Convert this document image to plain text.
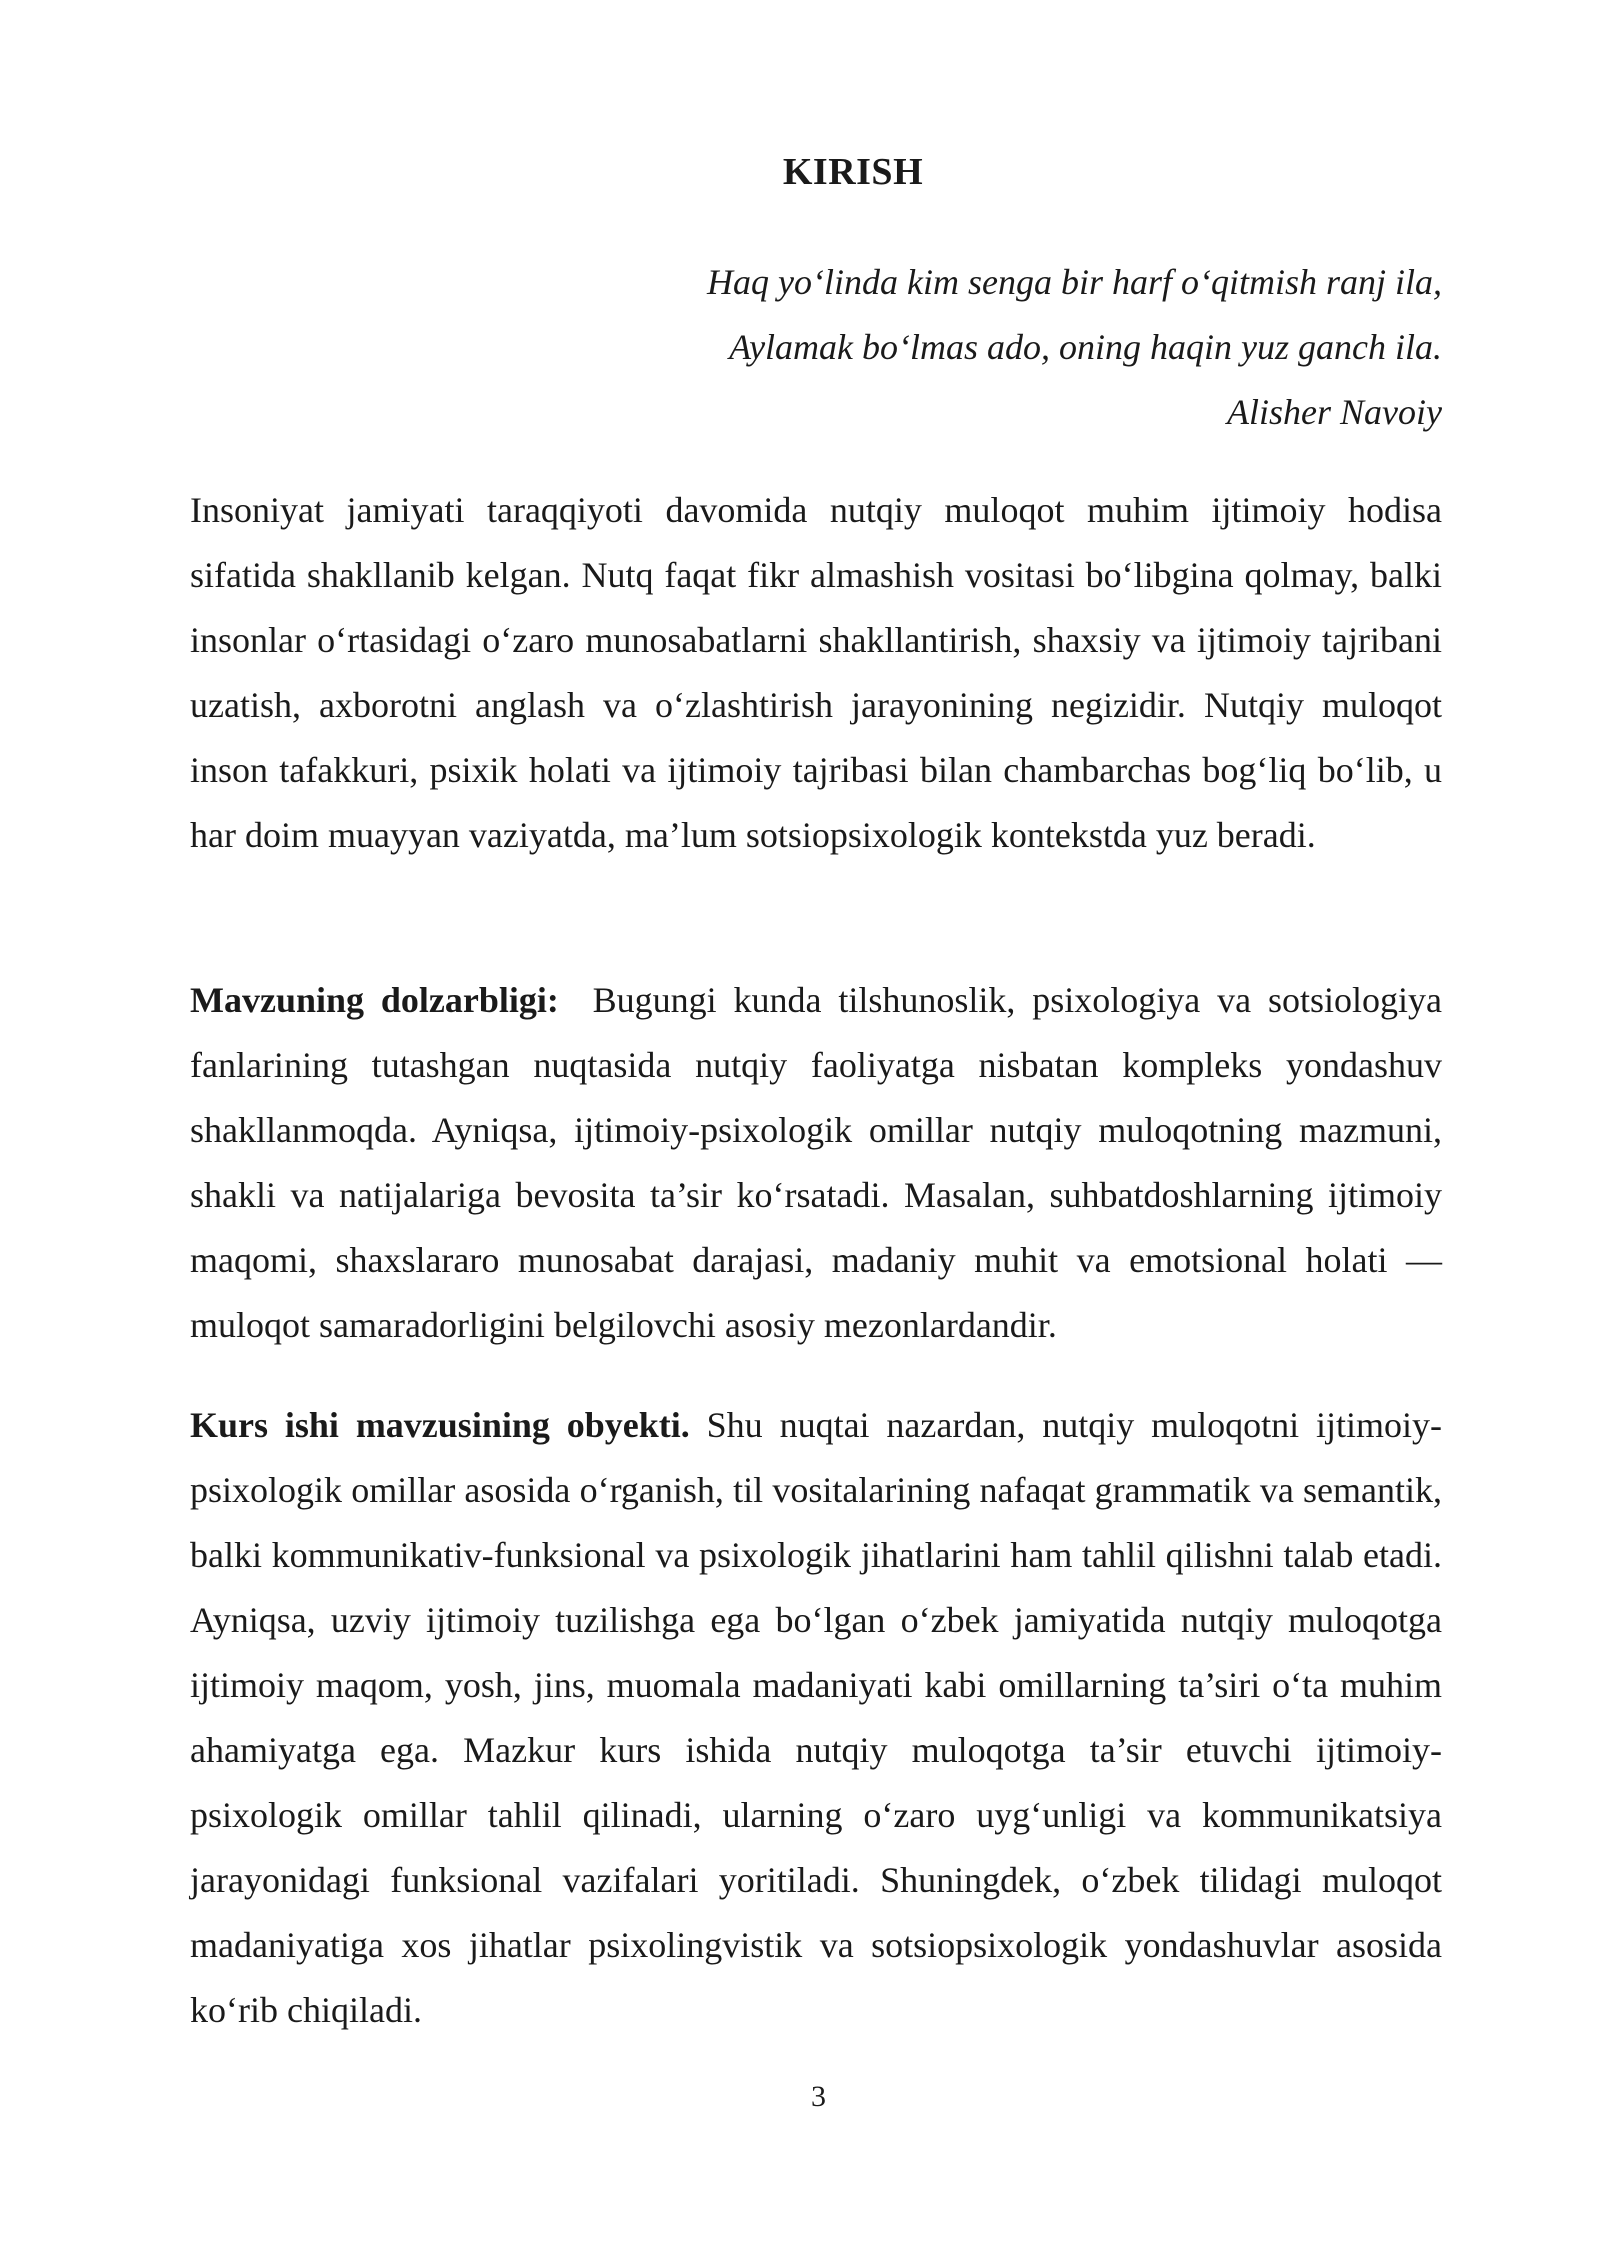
KIRISH
Haq yo‘linda kim senga bir harf o‘qitmish ranj ila,
Aylamak bo‘lmas ado, oning haqin yuz ganch ila.
Alisher Navoiy

Insoniyat jamiyati taraqqiyoti davomida nutqiy muloqot muhim ijtimoiy hodisa sifatida shakllanib kelgan. Nutq faqat fikr almashish vositasi bo‘libgina qolmay, balki insonlar o‘rtasidagi o‘zaro munosabatlarni shakllantirish, shaxsiy va ijtimoiy tajribani uzatish, axborotni anglash va o‘zlashtirish jarayonining negizidir. Nutqiy muloqot inson tafakkuri, psixik holati va ijtimoiy tajribasi bilan chambarchas bog‘liq bo‘lib, u har doim muayyan vaziyatda, ma’lum sotsiopsixologik kontekstda yuz beradi.

Mavzuning dolzarbligi: Bugungi kunda tilshunoslik, psixologiya va sotsiologiya fanlarining tutashgan nuqtasida nutqiy faoliyatga nisbatan kompleks yondashuv shakllanmoqda. Ayniqsa, ijtimoiy-psixologik omillar nutqiy muloqotning mazmuni, shakli va natijalariga bevosita ta’sir ko‘rsatadi. Masalan, suhbatdoshlarning ijtimoiy maqomi, shaxslararo munosabat darajasi, madaniy muhit va emotsional holati — muloqot samaradorligini belgilovchi asosiy mezonlardandir.

Kurs ishi mavzusining obyekti. Shu nuqtai nazardan, nutqiy muloqotni ijtimoiy-psixologik omillar asosida o‘rganish, til vositalarining nafaqat grammatik va semantik, balki kommunikativ-funksional va psixologik jihatlarini ham tahlil qilishni talab etadi. Ayniqsa, uzviy ijtimoiy tuzilishga ega bo‘lgan o‘zbek jamiyatida nutqiy muloqotga ijtimoiy maqom, yosh, jins, muomala madaniyati kabi omillarning ta’siri o‘ta muhim ahamiyatga ega. Mazkur kurs ishida nutqiy muloqotga ta’sir etuvchi ijtimoiy-psixologik omillar tahlil qilinadi, ularning o‘zaro uyg‘unligi va kommunikatsiya jarayonidagi funksional vazifalari yoritiladi. Shuningdek, o‘zbek tilidagi muloqot madaniyatiga xos jihatlar psixolingvistik va sotsiopsixologik yondashuvlar asosida ko‘rib chiqiladi.

3
